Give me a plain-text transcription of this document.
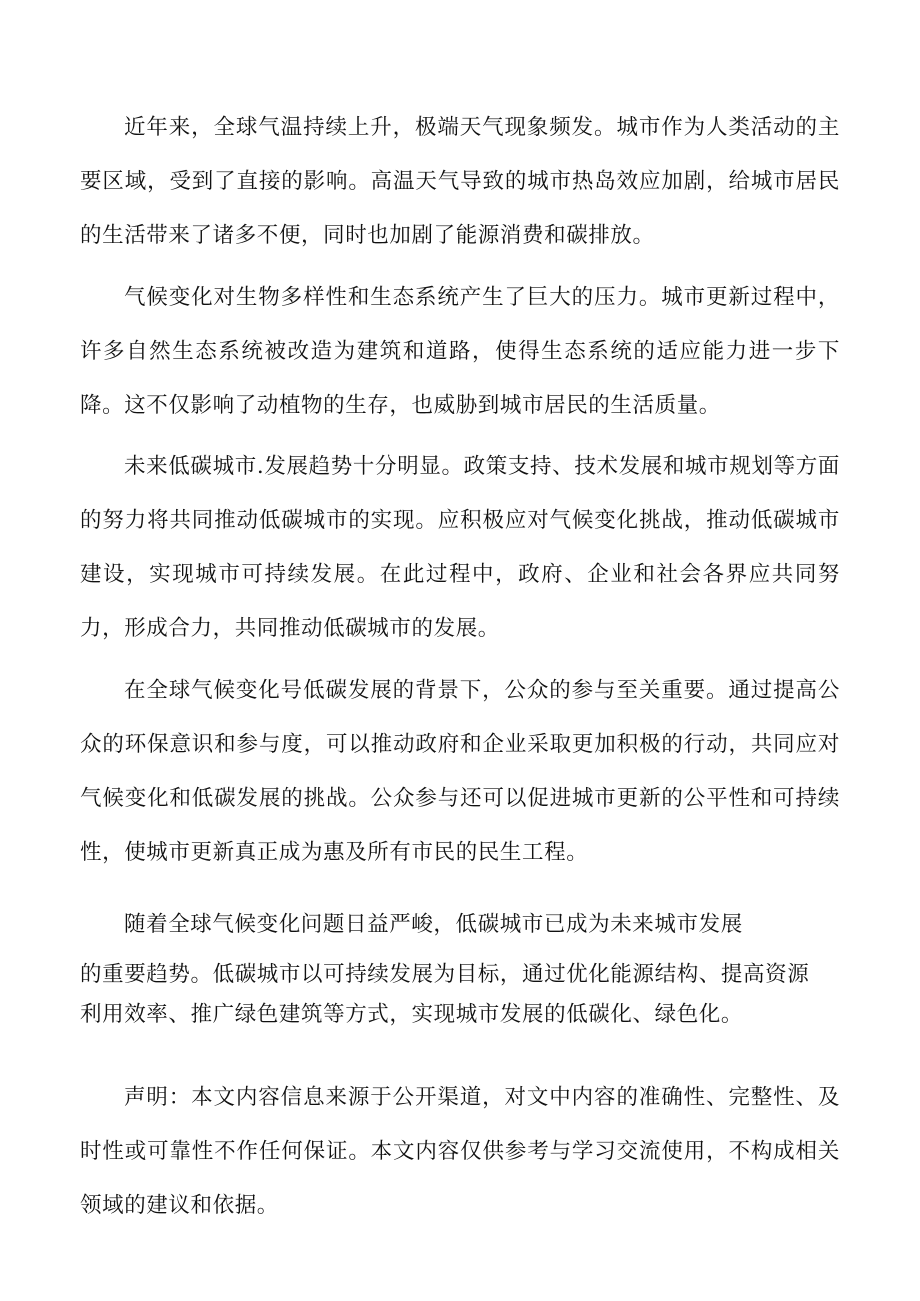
近年来，全球气温持续上升，极端天气现象频发。城市作为人类活动的主要区域，受到了直接的影响。高温天气导致的城市热岛效应加剧，给城市居民的生活带来了诸多不便，同时也加剧了能源消费和碳排放。

气候变化对生物多样性和生态系统产生了巨大的压力。城市更新过程中，许多自然生态系统被改造为建筑和道路，使得生态系统的适应能力进一步下降。这不仅影响了动植物的生存，也威胁到城市居民的生活质量。

未来低碳城市.发展趋势十分明显。政策支持、技术发展和城市规划等方面的努力将共同推动低碳城市的实现。应积极应对气候变化挑战，推动低碳城市建设，实现城市可持续发展。在此过程中，政府、企业和社会各界应共同努力，形成合力，共同推动低碳城市的发展。

在全球气候变化号低碳发展的背景下，公众的参与至关重要。通过提高公众的环保意识和参与度，可以推动政府和企业采取更加积极的行动，共同应对气候变化和低碳发展的挑战。公众参与还可以促进城市更新的公平性和可持续性，使城市更新真正成为惠及所有市民的民生工程。

随着全球气候变化问题日益严峻，低碳城市已成为未来城市发展

的重要趋势。低碳城市以可持续发展为目标，通过优化能源结构、提高资源

利用效率、推广绿色建筑等方式，实现城市发展的低碳化、绿色化。

声明：本文内容信息来源于公开渠道，对文中内容的准确性、完整性、及时性或可靠性不作任何保证。本文内容仅供参考与学习交流使用，不构成相关领域的建议和依据。
